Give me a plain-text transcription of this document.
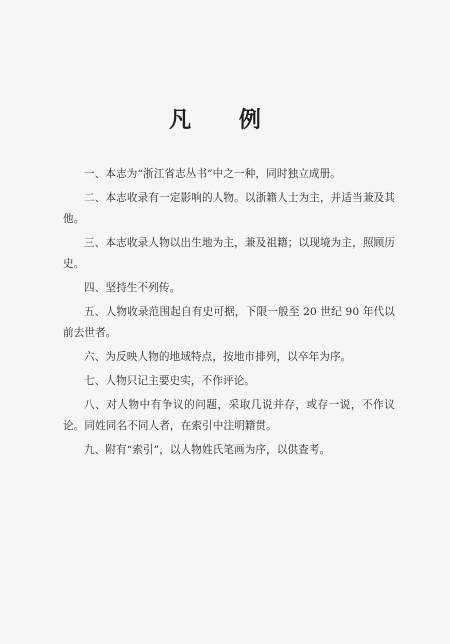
凡 例

一、本志为“浙江省志丛书”中之一种，同时独立成册。

二、本志收录有一定影响的人物。以浙籍人士为主，并适当兼及其他。

三、本志收录人物以出生地为主，兼及祖籍；以现境为主，照顾历史。

四、坚持生不列传。

五、人物收录范围起自有史可据，下限一般至 20 世纪 90 年代以前去世者。

六、为反映人物的地域特点，按地市排列，以卒年为序。

七、人物只记主要史实，不作评论。

八、对人物中有争议的问题，采取几说并存，或存一说，不作议论。同姓同名不同人者，在索引中注明籍贯。

九、附有“索引”，以人物姓氏笔画为序，以供查考。
